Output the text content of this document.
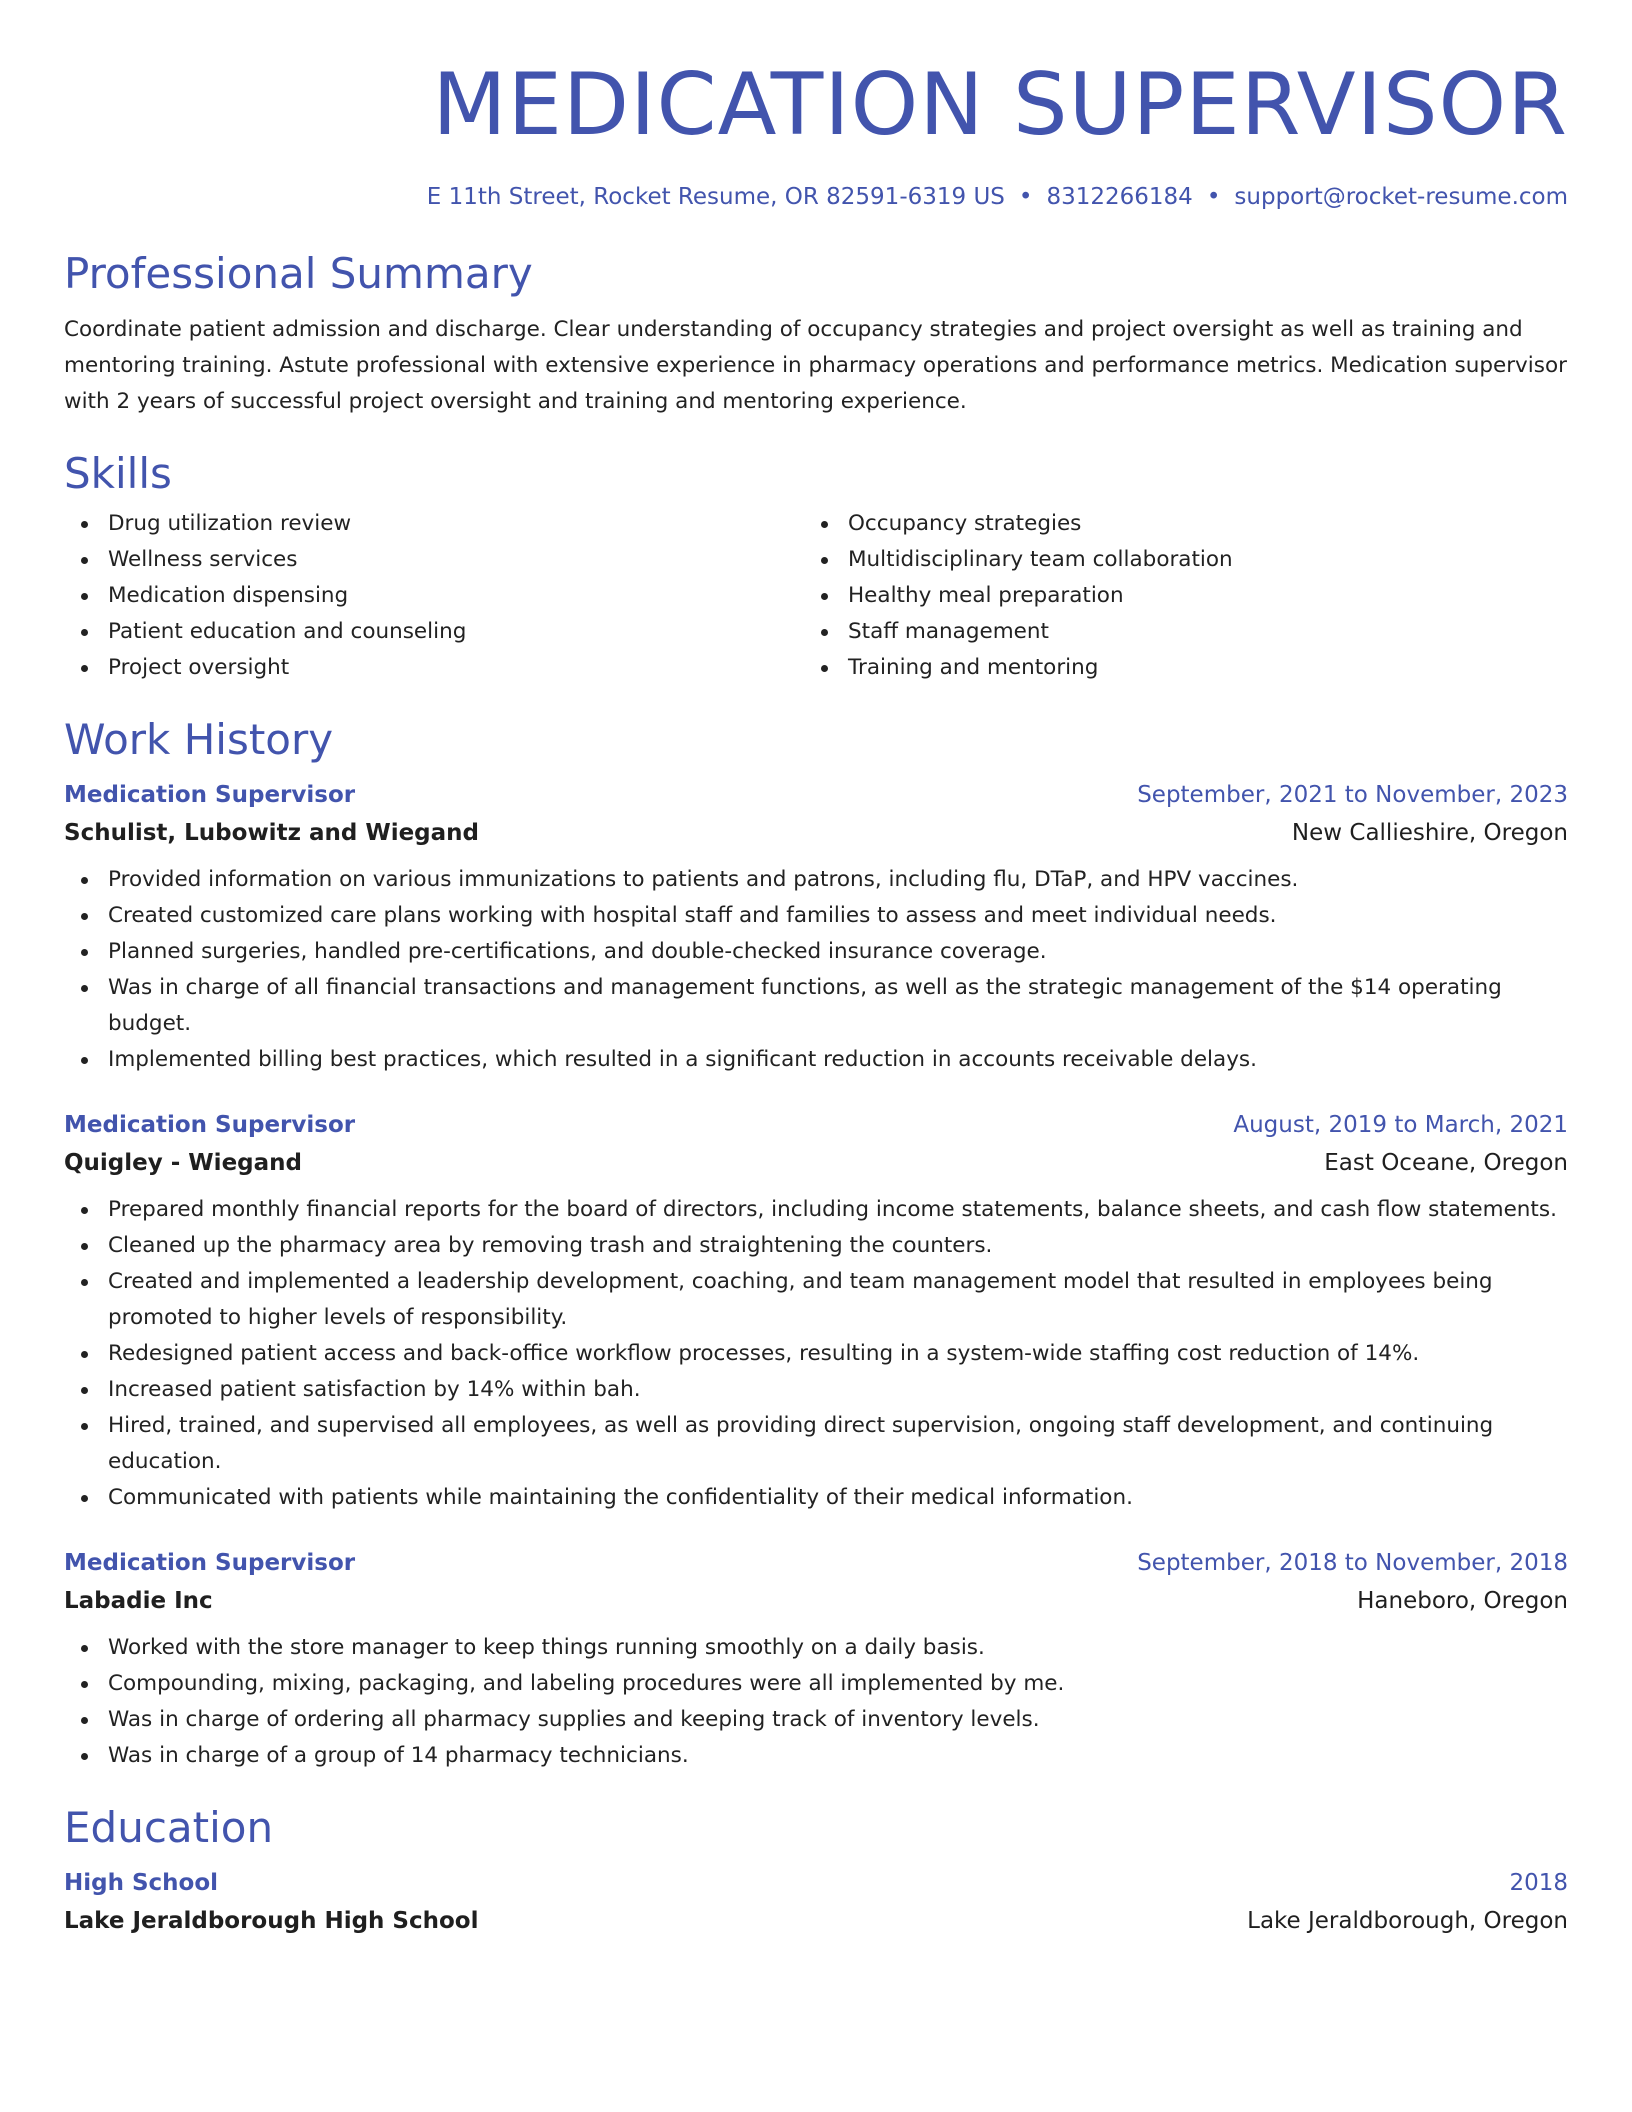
MEDICATION SUPERVISOR
E 11th Street, Rocket Resume, OR 82591-6319 US • 8312266184 • support@rocket-resume.com
Professional Summary
Coordinate patient admission and discharge. Clear understanding of occupancy strategies and project oversight as well as training and mentoring training. Astute professional with extensive experience in pharmacy operations and performance metrics. Medication supervisor with 2 years of successful project oversight and training and mentoring experience.
Skills
Drug utilization review
Wellness services
Medication dispensing
Patient education and counseling
Project oversight
Occupancy strategies
Multidisciplinary team collaboration
Healthy meal preparation
Staff management
Training and mentoring
Work History
Medication Supervisor	September, 2021 to November, 2023
Schulist, Lubowitz and Wiegand	New Callieshire, Oregon
Provided information on various immunizations to patients and patrons, including flu, DTaP, and HPV vaccines.
Created customized care plans working with hospital staff and families to assess and meet individual needs.
Planned surgeries, handled pre-certifications, and double-checked insurance coverage.
Was in charge of all financial transactions and management functions, as well as the strategic management of the $14 operating budget.
Implemented billing best practices, which resulted in a significant reduction in accounts receivable delays.
Medication Supervisor	August, 2019 to March, 2021
Quigley - Wiegand	East Oceane, Oregon
Prepared monthly financial reports for the board of directors, including income statements, balance sheets, and cash flow statements.
Cleaned up the pharmacy area by removing trash and straightening the counters.
Created and implemented a leadership development, coaching, and team management model that resulted in employees being promoted to higher levels of responsibility.
Redesigned patient access and back-office workflow processes, resulting in a system-wide staffing cost reduction of 14%.
Increased patient satisfaction by 14% within bah.
Hired, trained, and supervised all employees, as well as providing direct supervision, ongoing staff development, and continuing education.
Communicated with patients while maintaining the confidentiality of their medical information.
Medication Supervisor	September, 2018 to November, 2018
Labadie Inc	Haneboro, Oregon
Worked with the store manager to keep things running smoothly on a daily basis.
Compounding, mixing, packaging, and labeling procedures were all implemented by me.
Was in charge of ordering all pharmacy supplies and keeping track of inventory levels.
Was in charge of a group of 14 pharmacy technicians.
Education
High School	2018
Lake Jeraldborough High School	Lake Jeraldborough, Oregon
